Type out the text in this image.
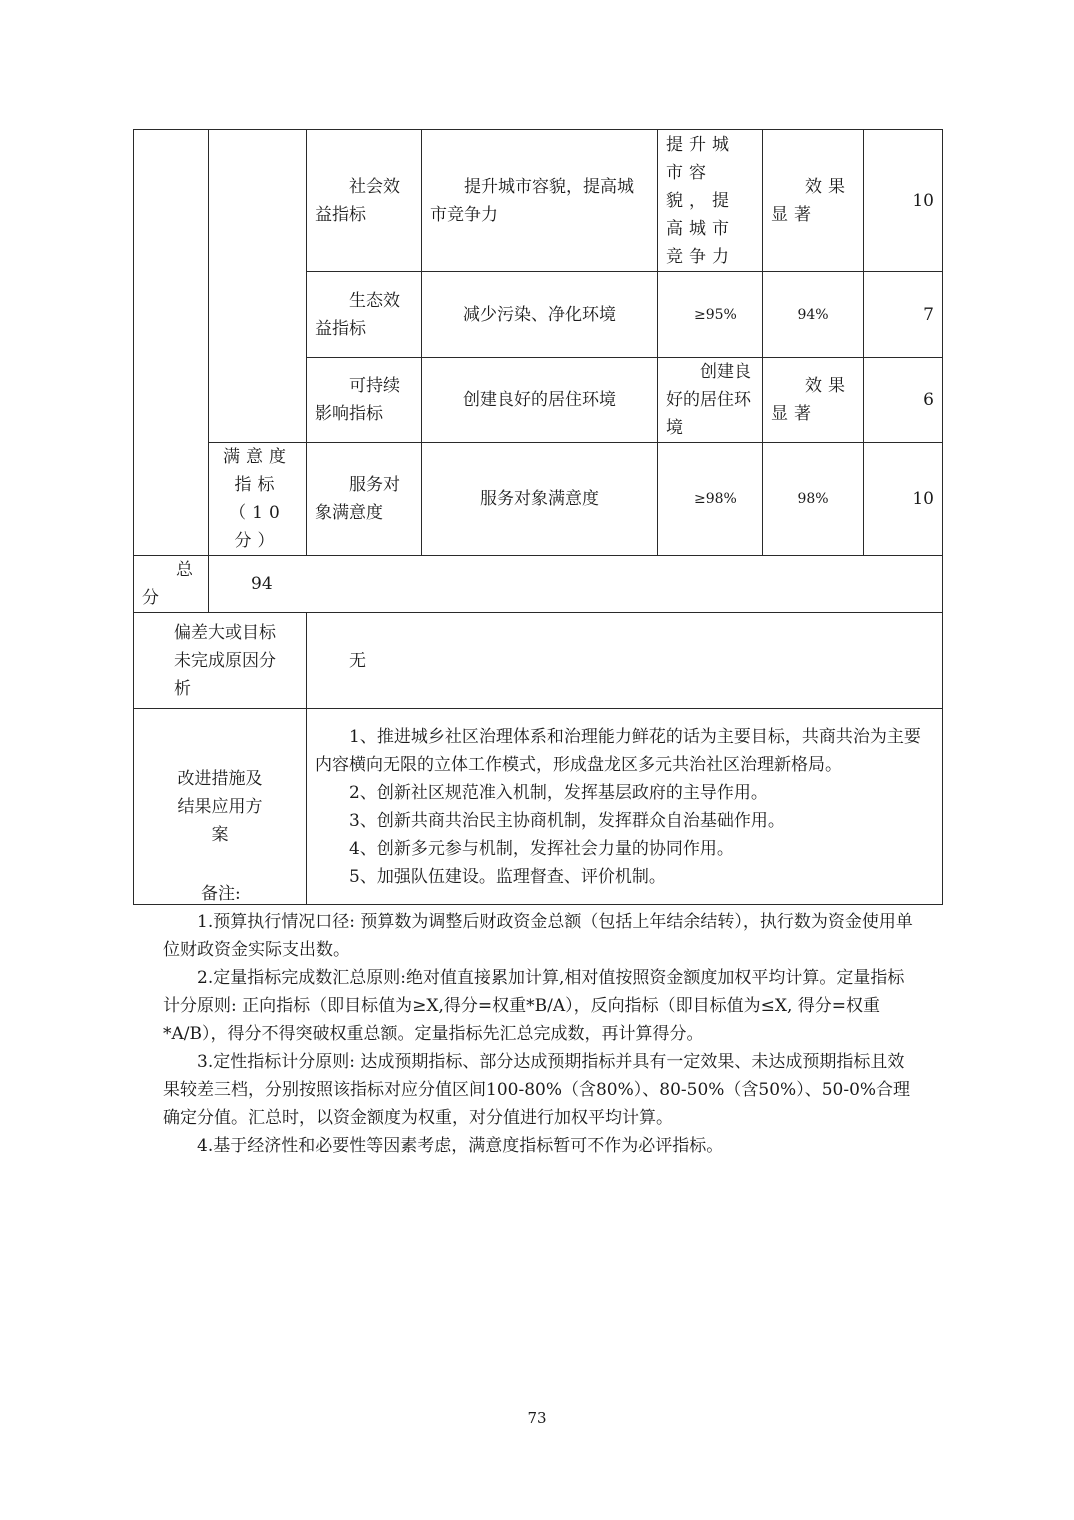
		社会效益指标	提升城市容貌，提高城市竞争力	提升城市容貌，提高城市竞争力	效果显著	10
		生态效益指标	减少污染、净化环境	≥95%	94%	7
		可持续影响指标	创建良好的居住环境	创建良好的居住环境	效果显著	6
	满意度指标（10分）	服务对象满意度	服务对象满意度	≥98%	98%	10
总分	94					
偏差大或目标未完成原因分析		无				
改进措施及结果应用方案		1、推进城乡社区治理体系和治理能力鲜花的话为主要目标，共商共治为主要内容横向无限的立体工作模式，形成盘龙区多元共治社区治理新格局。
2、创新社区规范准入机制，发挥基层政府的主导作用。
3、创新共商共治民主协商机制，发挥群众自治基础作用。
4、创新多元参与机制，发挥社会力量的协同作用。
5、加强队伍建设。监理督查、评价机制。				

备注:

1.预算执行情况口径: 预算数为调整后财政资金总额（包括上年结余结转），执行数为资金使用单位财政资金实际支出数。

2.定量指标完成数汇总原则:绝对值直接累加计算,相对值按照资金额度加权平均计算。定量指标计分原则: 正向指标（即目标值为≥X,得分=权重*B/A），反向指标（即目标值为≤X, 得分=权重*A/B），得分不得突破权重总额。定量指标先汇总完成数，再计算得分。

3.定性指标计分原则: 达成预期指标、部分达成预期指标并具有一定效果、未达成预期指标且效果较差三档，分别按照该指标对应分值区间100-80%（含80%）、80-50%（含50%）、50-0%合理确定分值。汇总时，以资金额度为权重，对分值进行加权平均计算。

4.基于经济性和必要性等因素考虑，满意度指标暂可不作为必评指标。

73
